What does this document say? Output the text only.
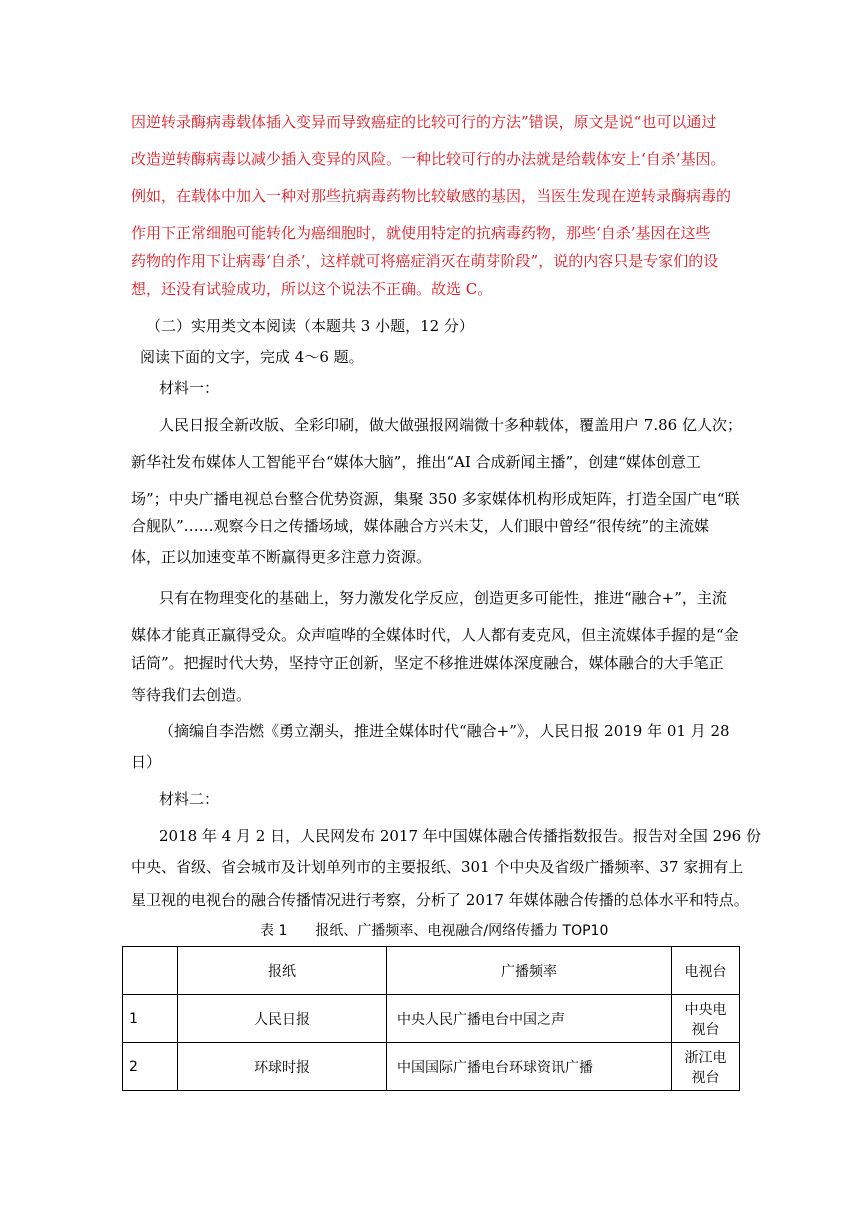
因逆转录酶病毒载体插入变异而导致癌症的比较可行的方法”错误，原文是说“也可以通过
改造逆转酶病毒以减少插入变异的风险。一种比较可行的办法就是给载体安上‘自杀’基因。
例如，在载体中加入一种对那些抗病毒药物比较敏感的基因，当医生发现在逆转录酶病毒的
作用下正常细胞可能转化为癌细胞时，就使用特定的抗病毒药物，那些‘自杀’基因在这些
药物的作用下让病毒‘自杀’，这样就可将癌症消灭在萌芽阶段”，说的内容只是专家们的设
想，还没有试验成功，所以这个说法不正确。故选 C。
（二）实用类文本阅读（本题共 3 小题，12 分）
阅读下面的文字，完成 4～6 题。
材料一：
人民日报全新改版、全彩印刷，做大做强报网端微十多种载体，覆盖用户 7.86 亿人次；
新华社发布媒体人工智能平台“媒体大脑”，推出“AI 合成新闻主播”，创建“媒体创意工
场”；中央广播电视总台整合优势资源，集聚 350 多家媒体机构形成矩阵，打造全国广电“联
合舰队”……观察今日之传播场域，媒体融合方兴未艾，人们眼中曾经“很传统”的主流媒
体，正以加速变革不断赢得更多注意力资源。
只有在物理变化的基础上，努力激发化学反应，创造更多可能性，推进“融合+”，主流
媒体才能真正赢得受众。众声喧哗的全媒体时代，人人都有麦克风，但主流媒体手握的是“金
话筒”。把握时代大势，坚持守正创新，坚定不移推进媒体深度融合，媒体融合的大手笔正
等待我们去创造。
（摘编自李浩燃《勇立潮头，推进全媒体时代“融合+”》，人民日报 2019 年 01 月 28
日）
材料二：
2018 年 4 月 2 日，人民网发布 2017 年中国媒体融合传播指数报告。报告对全国 296 份
中央、省级、省会城市及计划单列市的主要报纸、301 个中央及省级广播频率、37 家拥有上
星卫视的电视台的融合传播情况进行考察，分析了 2017 年媒体融合传播的总体水平和特点。
表 1　　报纸、广播频率、电视融合/网络传播力 TOP10
	报纸	广播频率	电视台
1	人民日报	中央人民广播电台中国之声	中央电视台
2	环球时报	中国国际广播电台环球资讯广播	浙江电视台
